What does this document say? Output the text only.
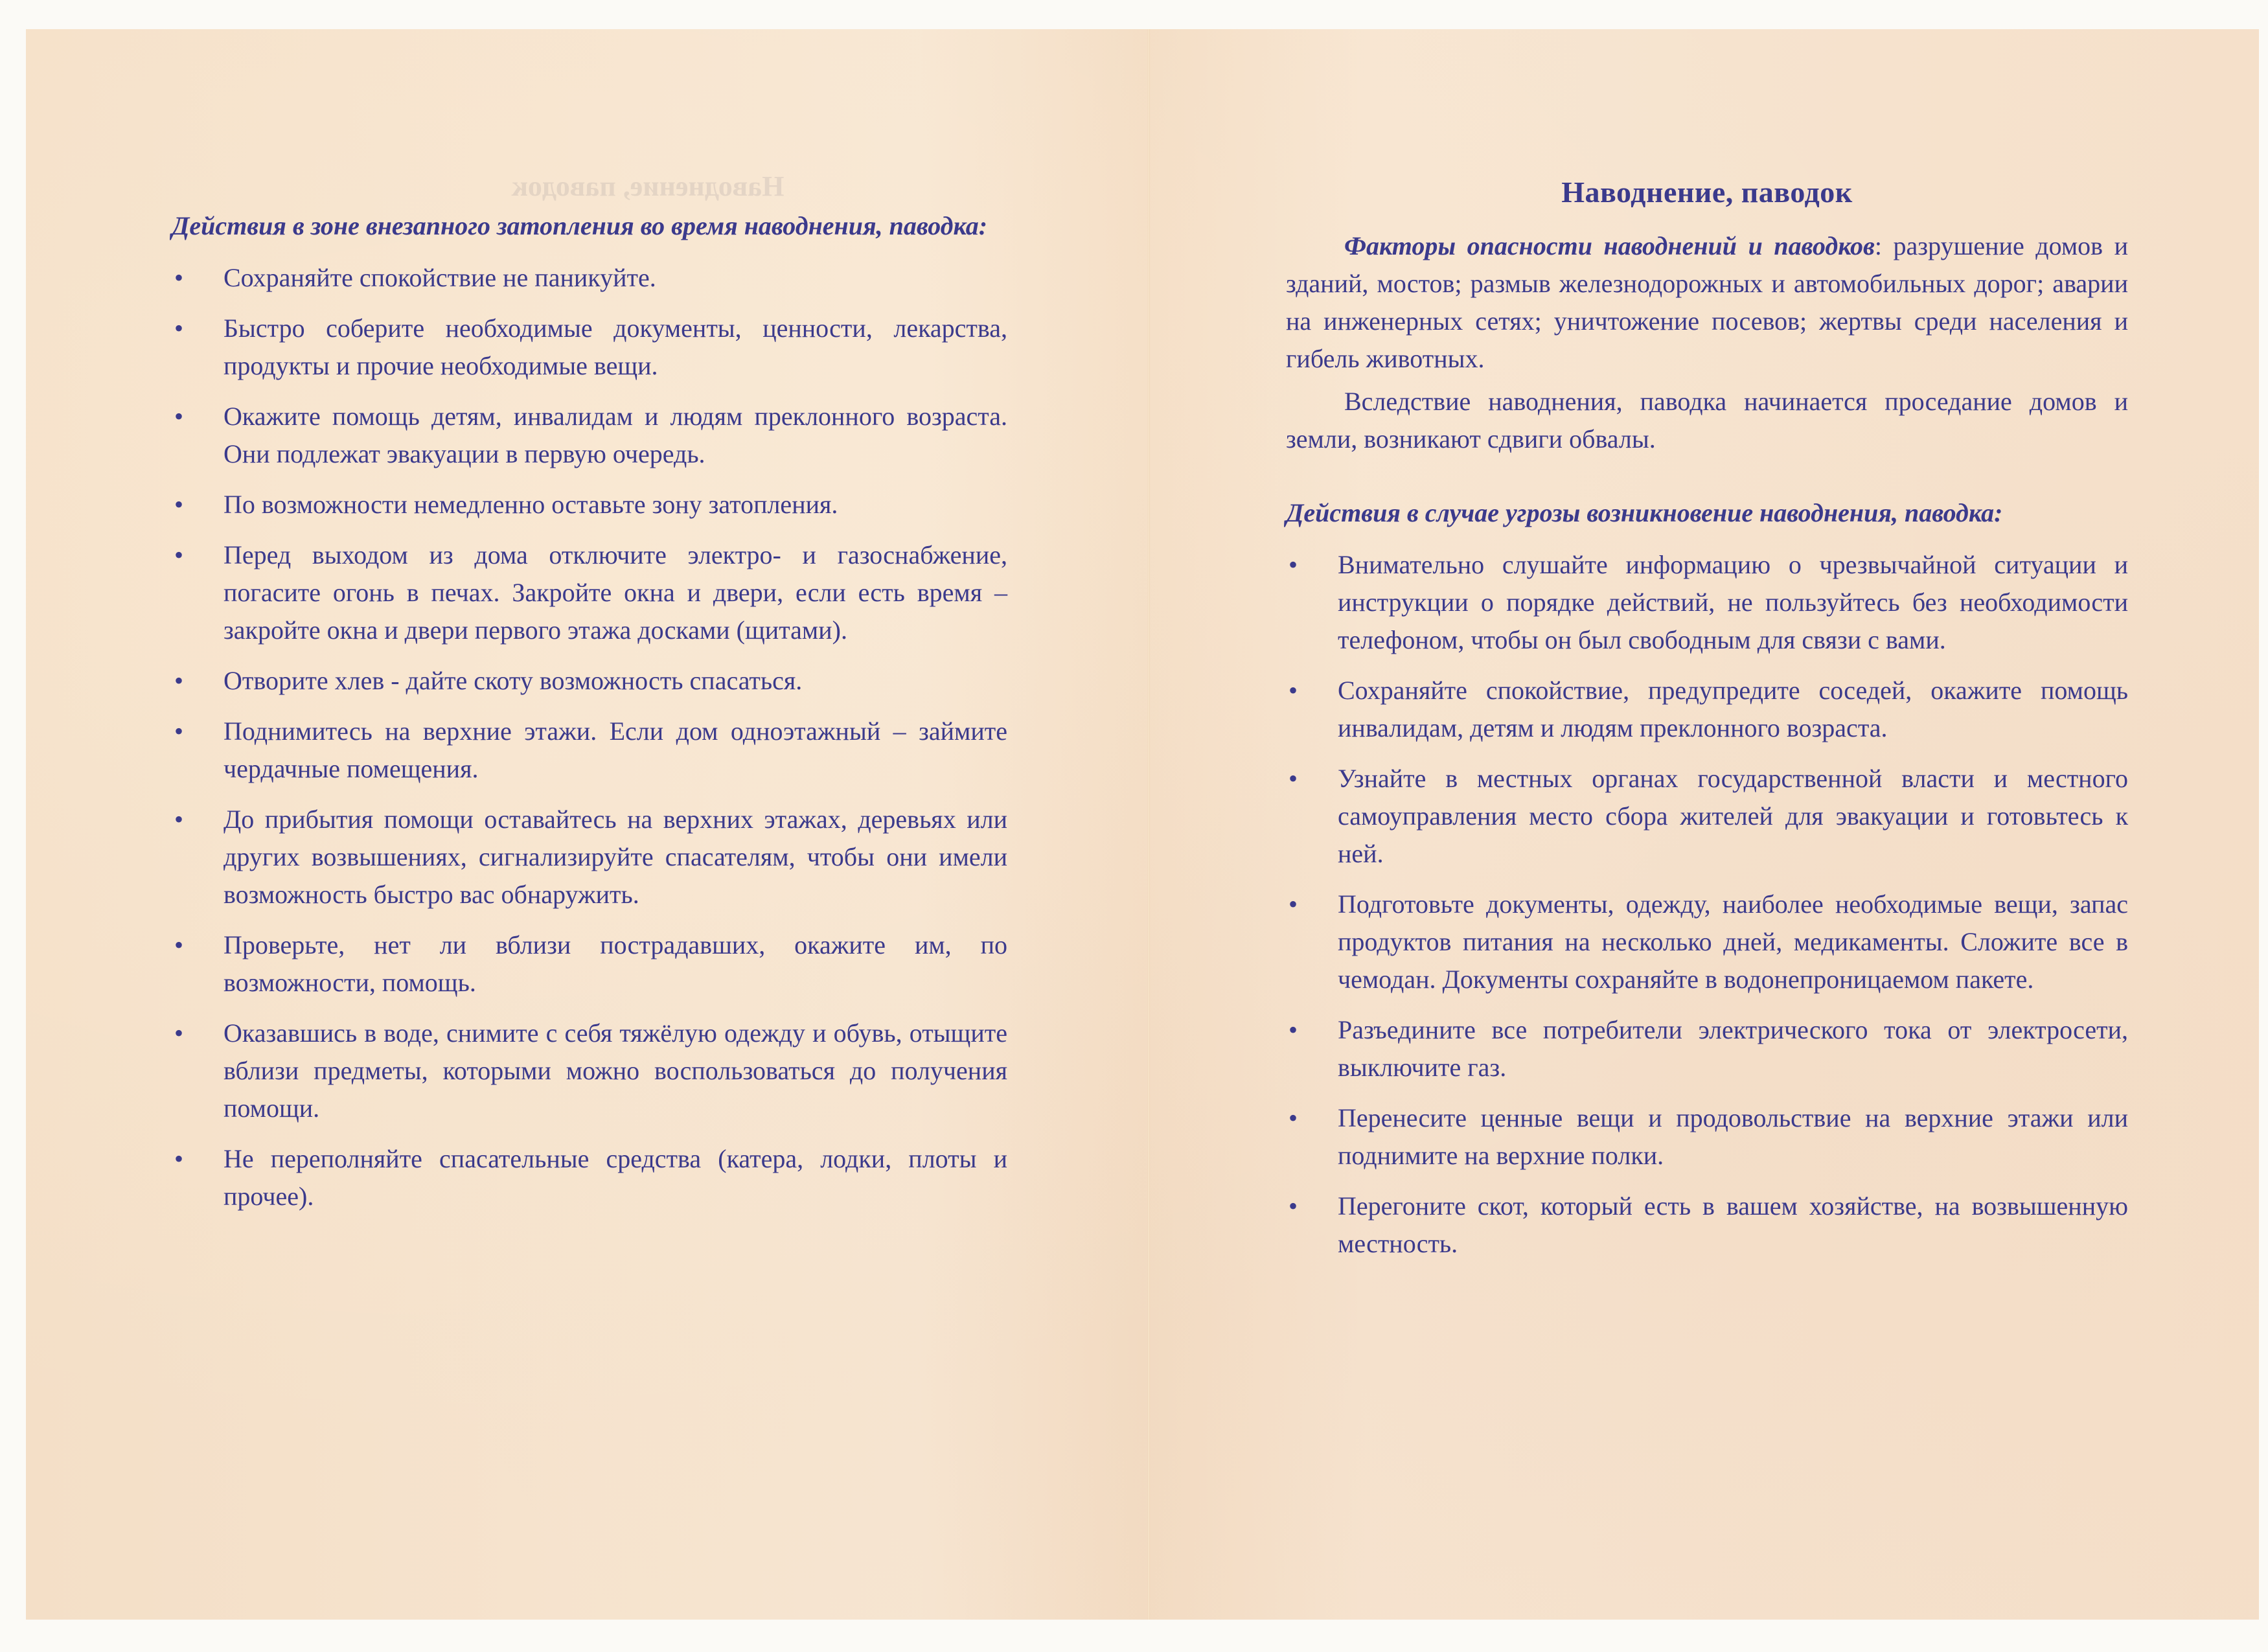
Наводнение, паводок

Действия в зоне внезапного затопления во время наводнения, паводка:

• Сохраняйте спокойствие не паникуйте.
• Быстро соберите необходимые документы, ценности, лекарства, продукты и прочие необходимые вещи.
• Окажите помощь детям, инвалидам и людям преклонного возраста. Они подлежат эвакуации в первую очередь.
• По возможности немедленно оставьте зону затопления.
• Перед выходом из дома отключите электро- и газоснабжение, погасите огонь в печах. Закройте окна и двери, если есть время – закройте окна и двери первого этажа досками (щитами).
• Отворите хлев - дайте скоту возможность спасаться.
• Поднимитесь на верхние этажи. Если дом одноэтажный – займите чердачные помещения.
• До прибытия помощи оставайтесь на верхних этажах, деревьях или других возвышениях, сигнализируйте спасателям, чтобы они имели возможность быстро вас обнаружить.
• Проверьте, нет ли вблизи пострадавших, окажите им, по возможности, помощь.
• Оказавшись в воде, снимите с себя тяжёлую одежду и обувь, отыщите вблизи предметы, которыми можно воспользоваться до получения помощи.
• Не переполняйте спасательные средства (катера, лодки, плоты и прочее).
Наводнение, паводок

Факторы опасности наводнений и паводков: разрушение домов и зданий, мостов; размыв железнодорожных и автомобильных дорог; аварии на инженерных сетях; уничтожение посевов; жертвы среди населения и гибель животных.

Вследствие наводнения, паводка начинается проседание домов и земли, возникают сдвиги обвалы.

Действия в случае угрозы возникновение наводнения, паводка:

• Внимательно слушайте информацию о чрезвычайной ситуации и инструкции о порядке действий, не пользуйтесь без необходимости телефоном, чтобы он был свободным для связи с вами.
• Сохраняйте спокойствие, предупредите соседей, окажите помощь инвалидам, детям и людям преклонного возраста.
• Узнайте в местных органах государственной власти и местного самоуправления место сбора жителей для эвакуации и готовьтесь к ней.
• Подготовьте документы, одежду, наиболее необходимые вещи, запас продуктов питания на несколько дней, медикаменты. Сложите все в чемодан. Документы сохраняйте в водонепроницаемом пакете.
• Разъедините все потребители электрического тока от электросети, выключите газ.
• Перенесите ценные вещи и продовольствие на верхние этажи или поднимите на верхние полки.
• Перегоните скот, который есть в вашем хозяйстве, на возвышенную местность.
